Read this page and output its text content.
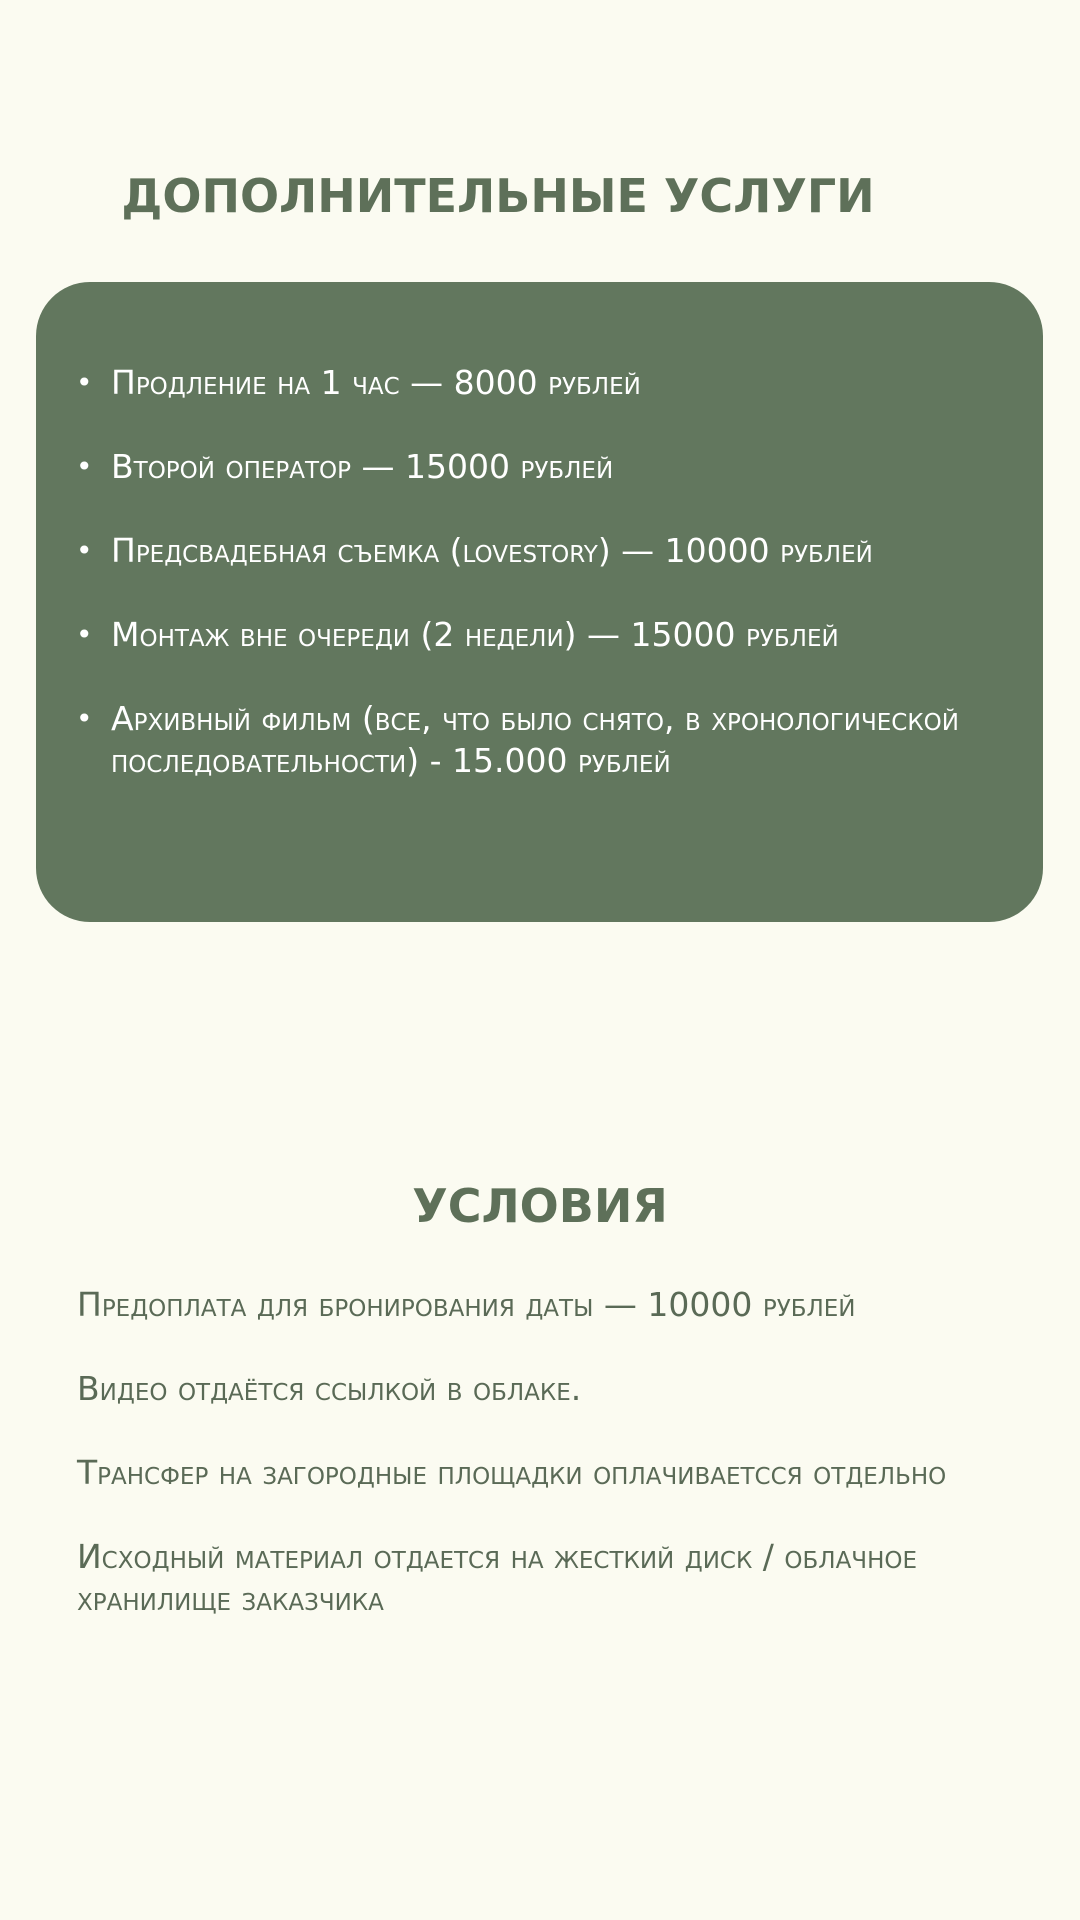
ДОПОЛНИТЕЛЬНЫЕ УСЛУГИ
• Продление на 1 час — 8000 рублей
• Второй оператор — 15000 рублей
• Предсвадебная съемка (lovestory) — 10000 рублей
• Монтаж вне очереди (2 недели) — 15000 рублей
• Архивный фильм (все, что было снято, в хронологической последовательности) - 15.000 рублей
УСЛОВИЯ

Предоплата для бронирования даты — 10000 рублей

Видео отдаётся ссылкой в облаке.

Трансфер на загородные площадки оплачиваетсся отдельно

Исходный материал отдается на жесткий диск / облачное хранилище заказчика
